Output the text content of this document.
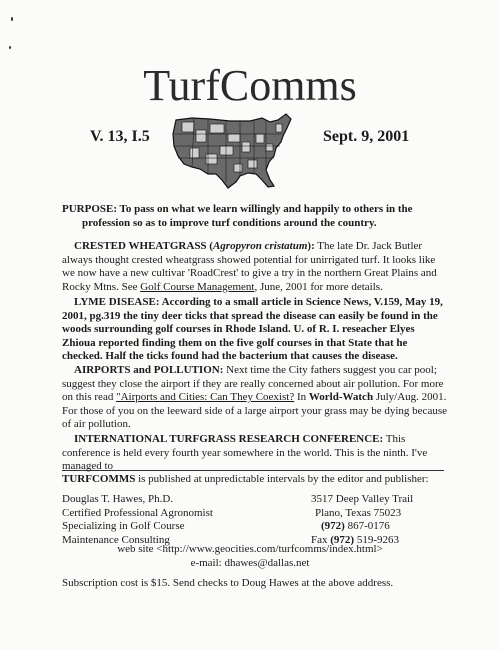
TurfComms
V. 13, I.5	Sept. 9, 2001

PURPOSE: To pass on what we learn willingly and happily to others in the profession so as to improve turf conditions around the country.

CRESTED WHEATGRASS (Agropyron cristatum): The late Dr. Jack Butler always thought crested wheatgrass showed potential for unirrigated turf. It looks like we now have a new cultivar 'RoadCrest' to give a try in the northern Great Plains and Rocky Mtns. See Golf Course Management, June, 2001 for more details.

LYME DISEASE: According to a small article in Science News, V.159, May 19, 2001, pg.319 the tiny deer ticks that spread the disease can easily be found in the woods surrounding golf courses in Rhode Island. U. of R. I. reseacher Elyes Zhioua reported finding them on the five golf courses in that State that he checked. Half the ticks found had the bacterium that causes the disease.

AIRPORTS and POLLUTION: Next time the City fathers suggest you car pool; suggest they close the airport if they are really concerned about air pollution. For more on this read "Airports and Cities: Can They Coexist? In World-Watch July/Aug. 2001. For those of you on the leeward side of a large airport your grass may be dying because of air pollution.

INTERNATIONAL TURFGRASS RESEARCH CONFERENCE: This conference is held every fourth year somewhere in the world. This is the ninth. I've managed to

TURFCOMMS is published at unpredictable intervals by the editor and publisher:

Douglas T. Hawes, Ph.D.
Certified Professional Agronomist
Specializing in Golf Course
Maintenance Consulting
3517 Deep Valley Trail
Plano, Texas 75023
(972) 867-0176
Fax (972) 519-9263
web site <http://www.geocities.com/turfcomms/index.html>
e-mail: dhawes@dallas.net

Subscription cost is $15. Send checks to Doug Hawes at the above address.
